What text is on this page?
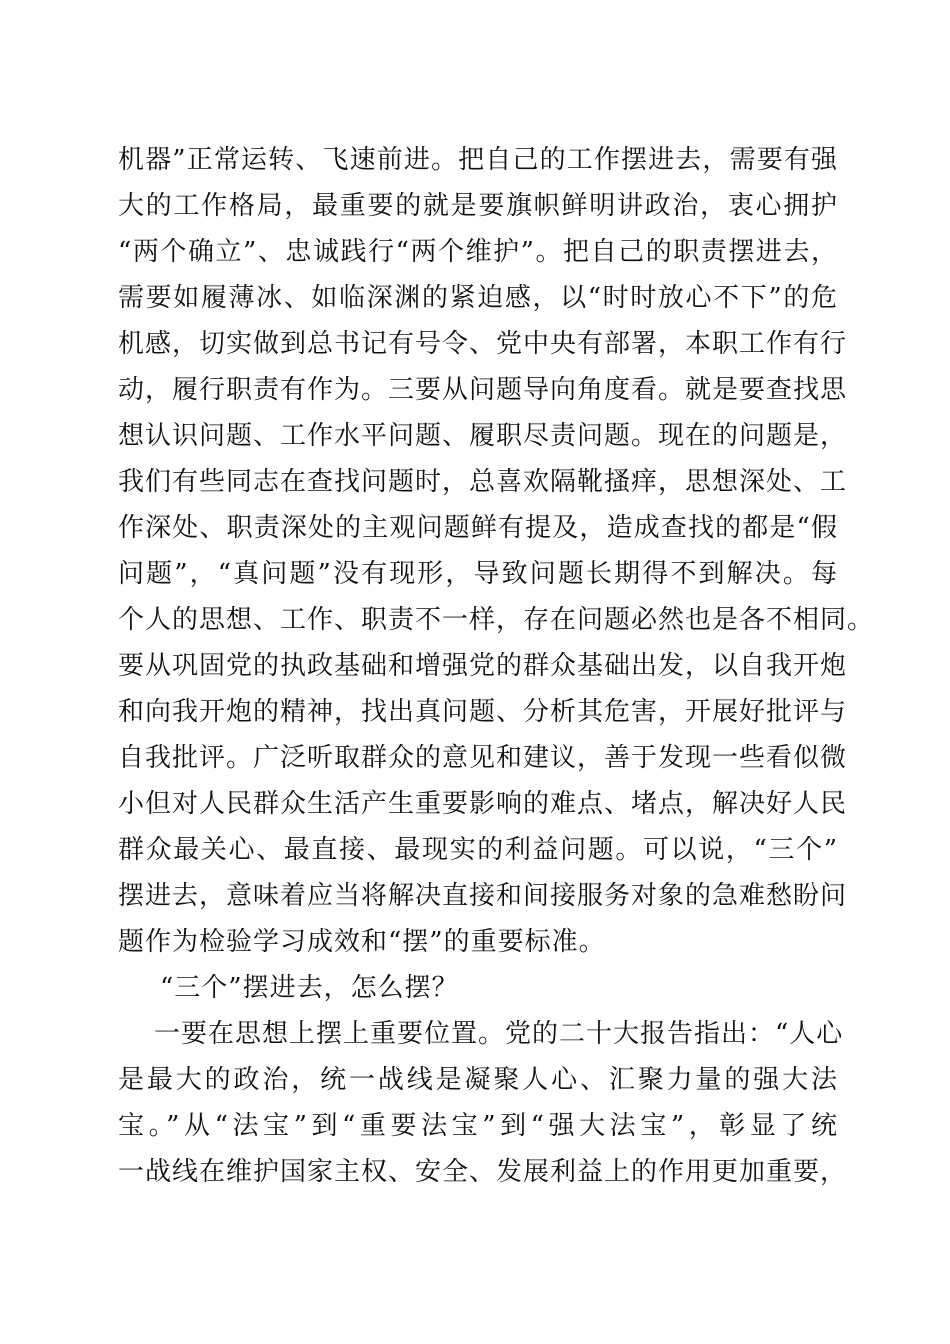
机器”正常运转、飞速前进。把自己的工作摆进去，需要有强
大的工作格局，最重要的就是要旗帜鲜明讲政治，衷心拥护
“两个确立”、忠诚践行“两个维护”。把自己的职责摆进去，
需要如履薄冰、如临深渊的紧迫感，以“时时放心不下”的危
机感，切实做到总书记有号令、党中央有部署，本职工作有行
动，履行职责有作为。三要从问题导向角度看。就是要查找思
想认识问题、工作水平问题、履职尽责问题。现在的问题是，
我们有些同志在查找问题时，总喜欢隔靴搔痒，思想深处、工
作深处、职责深处的主观问题鲜有提及，造成查找的都是“假
问题”，“真问题”没有现形，导致问题长期得不到解决。每
个人的思想、工作、职责不一样，存在问题必然也是各不相同。
要从巩固党的执政基础和增强党的群众基础出发，以自我开炮
和向我开炮的精神，找出真问题、分析其危害，开展好批评与
自我批评。广泛听取群众的意见和建议，善于发现一些看似微
小但对人民群众生活产生重要影响的难点、堵点，解决好人民
群众最关心、最直接、最现实的利益问题。可以说，“三个”
摆进去，意味着应当将解决直接和间接服务对象的急难愁盼问
题作为检验学习成效和“摆”的重要标准。
“三个”摆进去，怎么摆？
一要在思想上摆上重要位置。党的二十大报告指出：“人心
是最大的政治，统一战线是凝聚人心、汇聚力量的强大法
宝。”从“法宝”到“重要法宝”到“强大法宝”，彰显了统
一战线在维护国家主权、安全、发展利益上的作用更加重要，
